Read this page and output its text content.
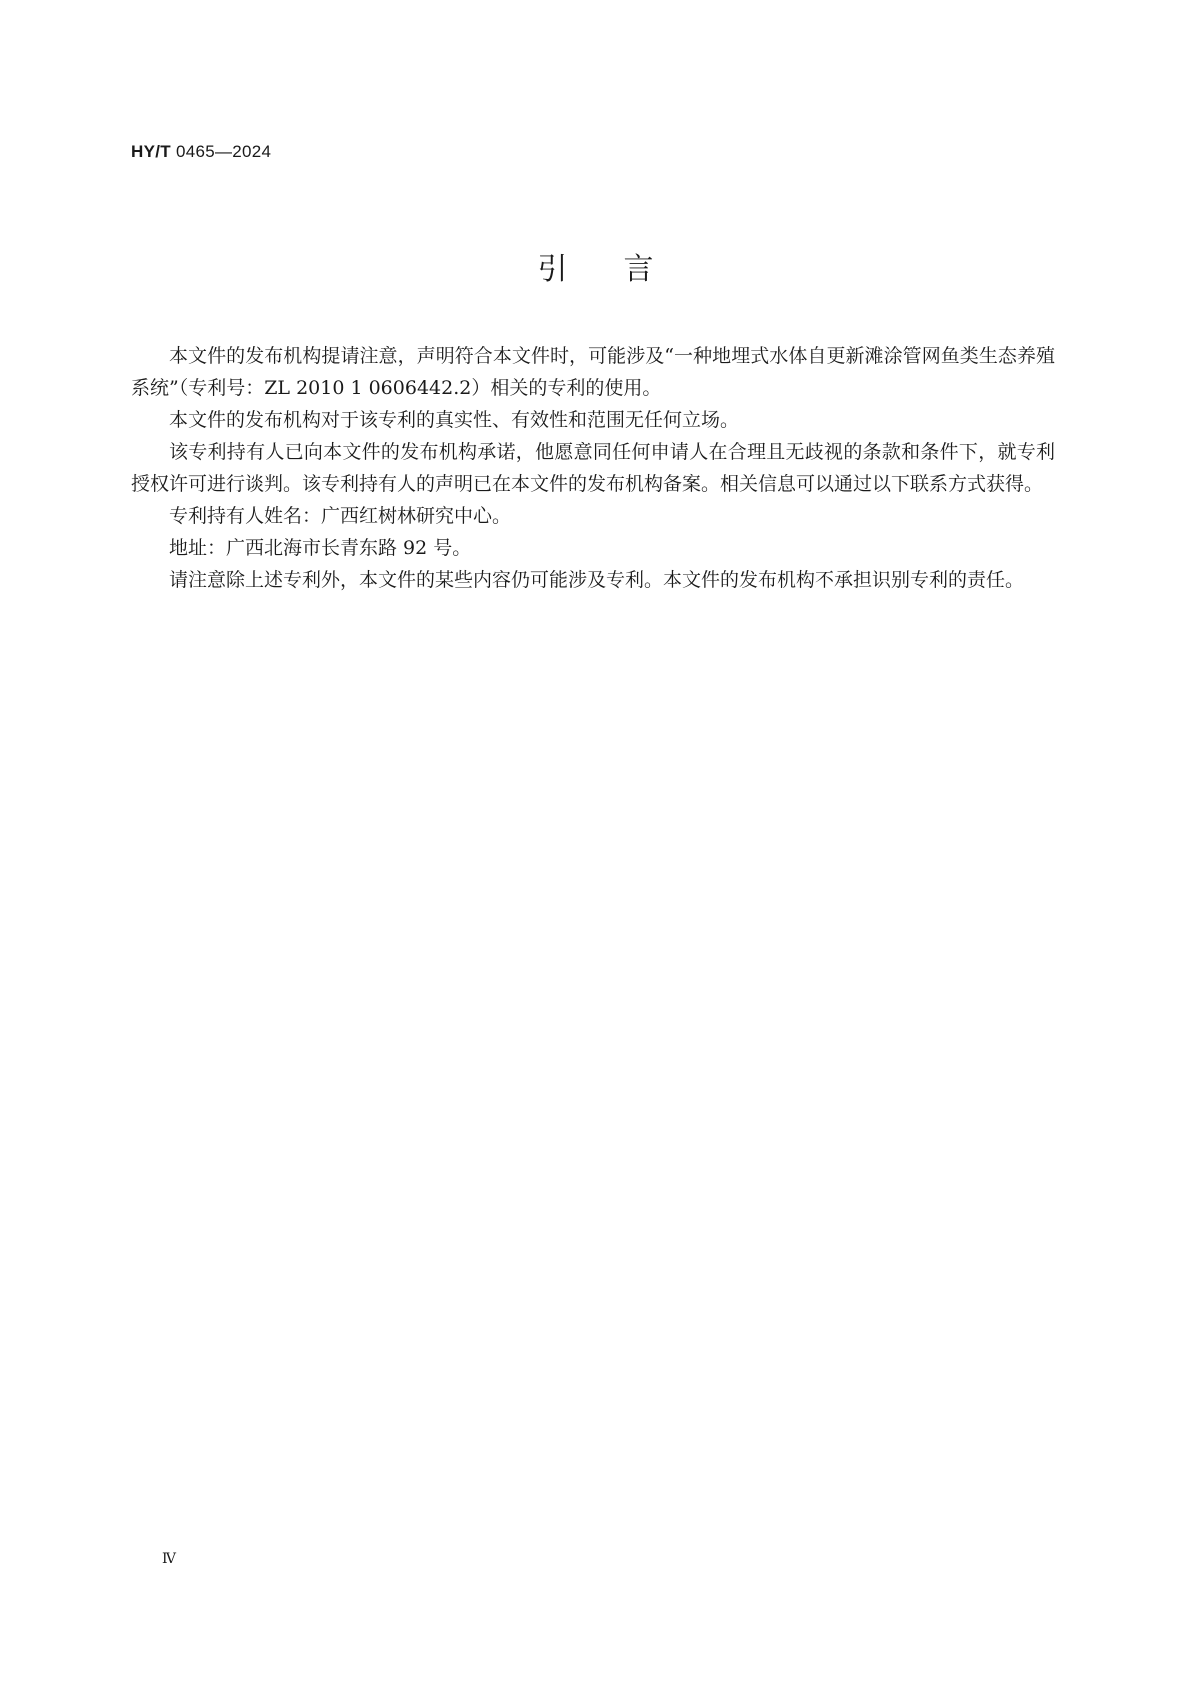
HY/T 0465—2024
引言

本文件的发布机构提请注意，声明符合本文件时，可能涉及“一种地埋式水体自更新滩涂管网鱼类生态养殖系统”（专利号：ZL 2010 1 0606442.2）相关的专利的使用。

本文件的发布机构对于该专利的真实性、有效性和范围无任何立场。

该专利持有人已向本文件的发布机构承诺，他愿意同任何申请人在合理且无歧视的条款和条件下，就专利授权许可进行谈判。该专利持有人的声明已在本文件的发布机构备案。相关信息可以通过以下联系方式获得。

专利持有人姓名：广西红树林研究中心。

地址：广西北海市长青东路 92 号。

请注意除上述专利外，本文件的某些内容仍可能涉及专利。本文件的发布机构不承担识别专利的责任。

Ⅳ
